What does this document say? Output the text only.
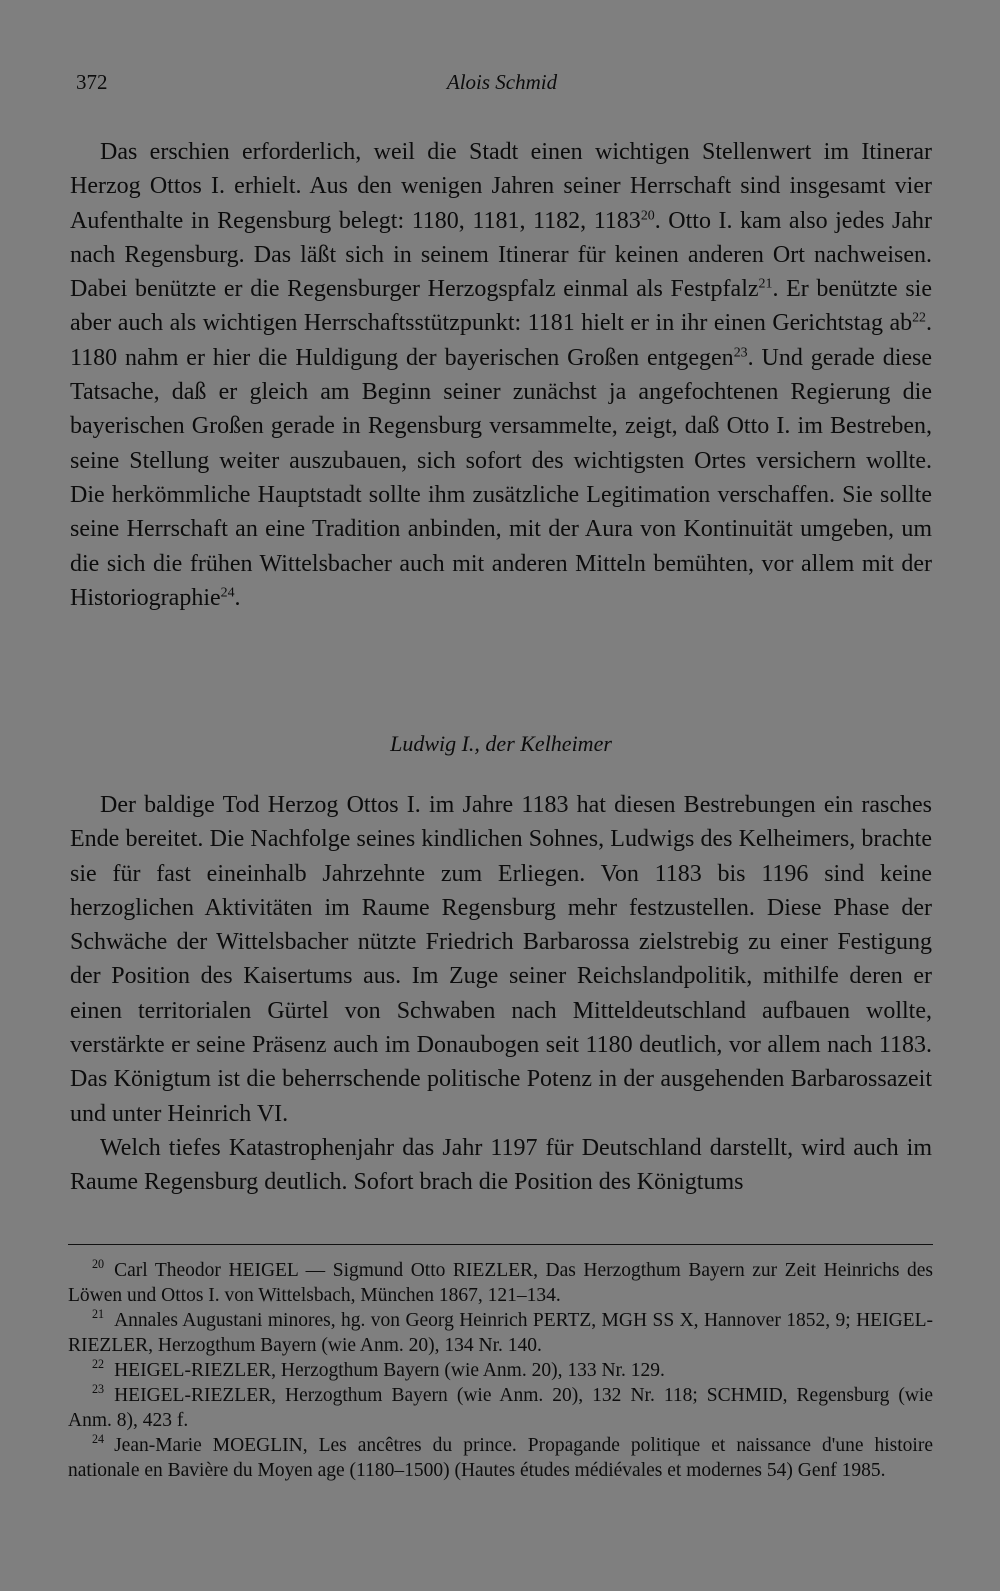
372	Alois Schmid

Das erschien erforderlich, weil die Stadt einen wichtigen Stellenwert im Itinerar Herzog Ottos I. erhielt. Aus den wenigen Jahren seiner Herrschaft sind insgesamt vier Aufenthalte in Regensburg belegt: 1180, 1181, 1182, 1183$^{20}$. Otto I. kam also jedes Jahr nach Regensburg. Das läßt sich in seinem Itinerar für keinen anderen Ort nachweisen. Dabei benützte er die Regensburger Herzogspfalz einmal als Festpfalz$^{21}$. Er benützte sie aber auch als wichtigen Herrschaftsstützpunkt: 1181 hielt er in ihr einen Gerichtstag $ab^{22}$. 1180 nahm er hier die Huldigung der bayerischen Großen entgegen$^{23}$. Und gerade diese Tatsache, daß er gleich am Beginn seiner zunächst ja angefochtenen Regierung die bayerischen Großen gerade in Regensburg versammelte, zeigt, daß Otto I. im Bestreben, seine Stellung weiter auszubauen, sich sofort des wichtigsten Ortes versichern wollte. Die herkömmliche Hauptstadt sollte ihm zusätzliche Legitimation verschaffen. Sie sollte seine Herrschaft an eine Tradition anbinden, mit der Aura von Kontinuität umgeben, um die sich die frühen Wittelsbacher auch mit anderen Mitteln bemühten, vor allem mit der Historiographie$^{24}$.

Ludwig I., der Kelheimer

Der baldige Tod Herzog Ottos I. im Jahre 1183 hat diesen Bestrebungen ein rasches Ende bereitet. Die Nachfolge seines kindlichen Sohnes, Ludwigs des Kelheimers, brachte sie für fast eineinhalb Jahrzehnte zum Erliegen. Von 1183 bis 1196 sind keine herzoglichen Aktivitäten im Raume Regensburg mehr festzustellen. Diese Phase der Schwäche der Wittelsbacher nützte Friedrich Barbarossa zielstrebig zu einer Festigung der Position des Kaisertums aus. Im Zuge seiner Reichslandpolitik, mithilfe deren er einen territorialen Gürtel von Schwaben nach Mitteldeutschland aufbauen wollte, verstärkte er seine Präsenz auch im Donaubogen seit 1180 deutlich, vor allem nach 1183. Das Königtum ist die beherrschende politische Potenz in der ausgehenden Barbarossazeit und unter Heinrich VI.

Welch tiefes Katastrophenjahr das Jahr 1197 für Deutschland darstellt, wird auch im Raume Regensburg deutlich. Sofort brach die Position des Königtums

$^{20}$ Carl Theodor HEIGEL — Sigmund Otto RIEZLER, Das Herzogthum Bayern zur Zeit Heinrichs des Löwen und Ottos I. von Wittelsbach, München 1867, 121–134.

$^{21}$ Annales Augustani minores, hg. von Georg Heinrich PERTZ, MGH SS X, Hannover 1852, 9; HEIGEL-RIEZLER, Herzogthum Bayern (wie Anm. 20), 134 Nr. 140.

$^{22}$ HEIGEL-RIEZLER, Herzogthum Bayern (wie Anm. 20), 133 Nr. 129.

$^{23}$ HEIGEL-RIEZLER, Herzogthum Bayern (wie Anm. 20), 132 Nr. 118; SCHMID, Regensburg (wie Anm. 8), 423 f.

$^{24}$ Jean-Marie MOEGLIN, Les ancêtres du prince. Propagande politique et naissance d'une histoire nationale en Bavière du Moyen age (1180–1500) (Hautes études médiévales et modernes 54) Genf 1985.
